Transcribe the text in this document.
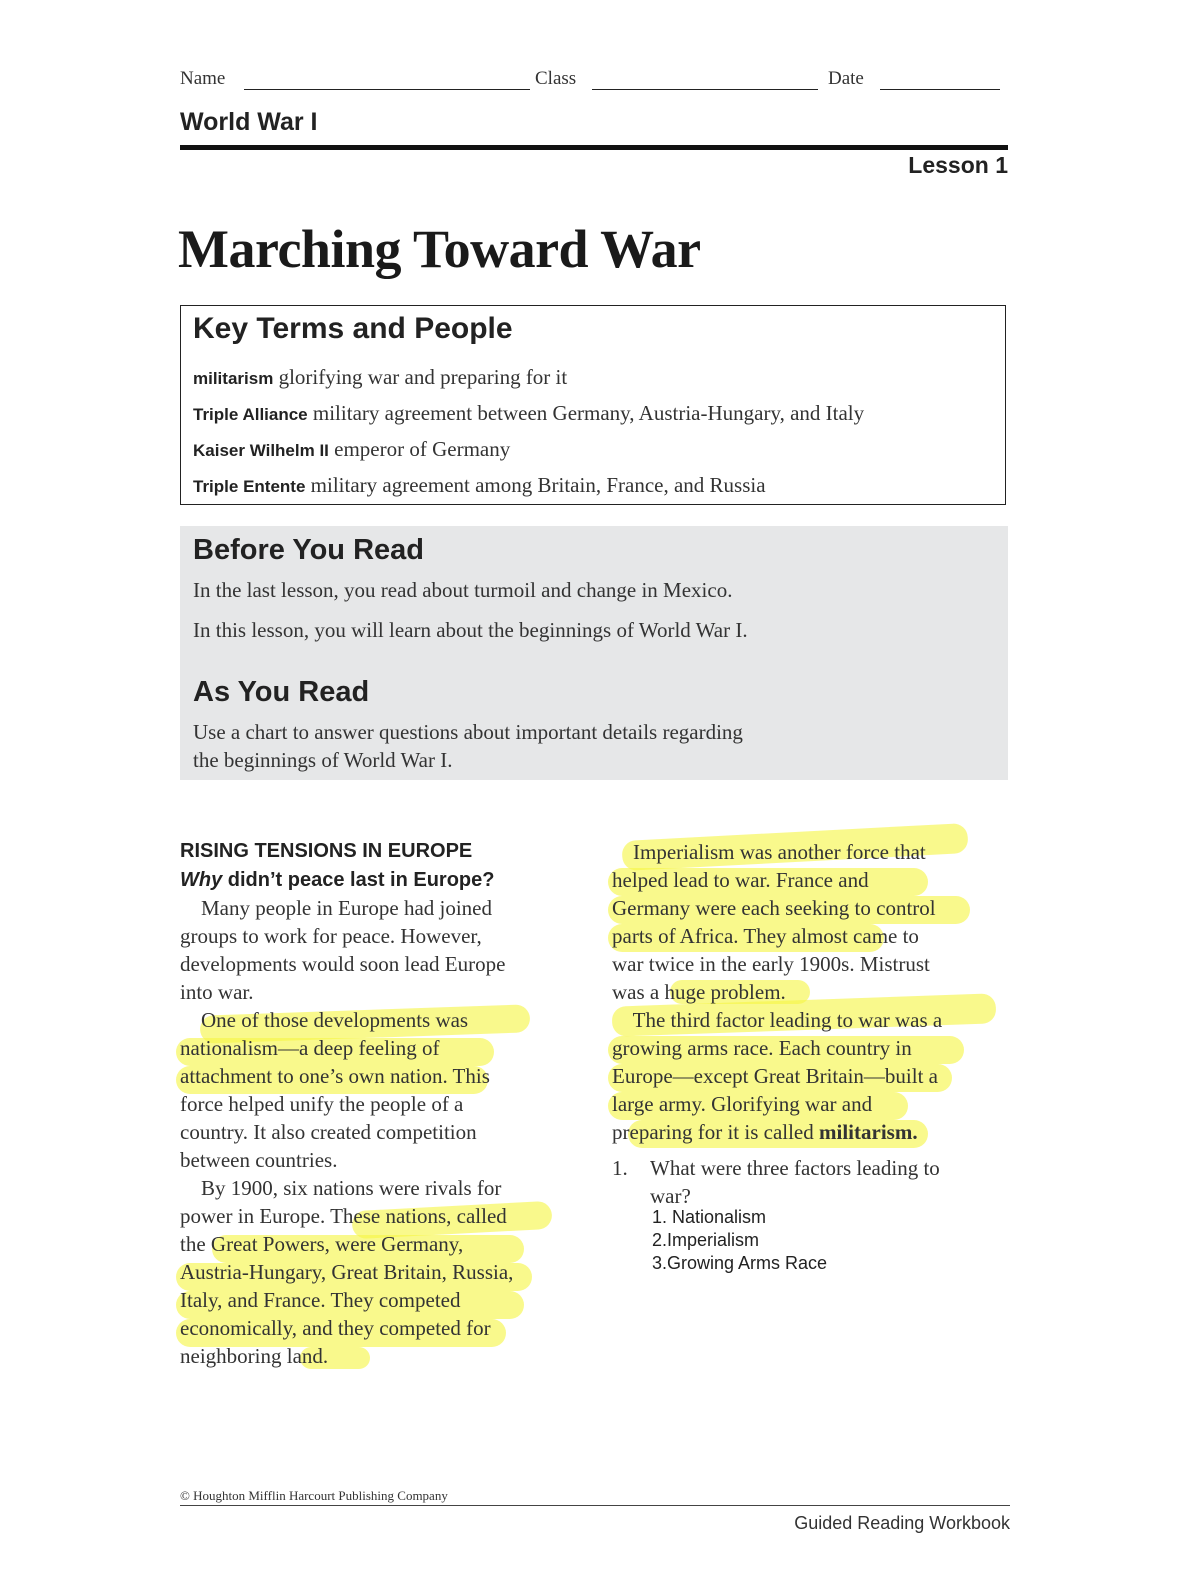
Name	Class	Date
World War I
Lesson 1
Marching Toward War
Key Terms and People
militarism glorifying war and preparing for it
Triple Alliance military agreement between Germany, Austria-Hungary, and Italy
Kaiser Wilhelm II emperor of Germany
Triple Entente military agreement among Britain, France, and Russia
Before You Read
In the last lesson, you read about turmoil and change in Mexico.
In this lesson, you will learn about the beginnings of World War I.
As You Read
Use a chart to answer questions about important details regarding
the beginnings of World War I.
RISING TENSIONS IN EUROPE
Why didn’t peace last in Europe?
Many people in Europe had joined
groups to work for peace. However,
developments would soon lead Europe
into war.
One of those developments was
nationalism—a deep feeling of
attachment to one’s own nation. This
force helped unify the people of a
country. It also created competition
between countries.
By 1900, six nations were rivals for
power in Europe. These nations, called
the Great Powers, were Germany,
Austria-Hungary, Great Britain, Russia,
Italy, and France. They competed
economically, and they competed for
neighboring land.
Imperialism was another force that
helped lead to war. France and
Germany were each seeking to control
parts of Africa. They almost came to
war twice in the early 1900s. Mistrust
was a huge problem.
The third factor leading to war was a
growing arms race. Each country in
Europe—except Great Britain—built a
large army. Glorifying war and
preparing for it is called militarism.
1. What were three factors leading to
war?
1. Nationalism
2.Imperialism
3.Growing Arms Race
© Houghton Mifflin Harcourt Publishing Company
Guided Reading Workbook
